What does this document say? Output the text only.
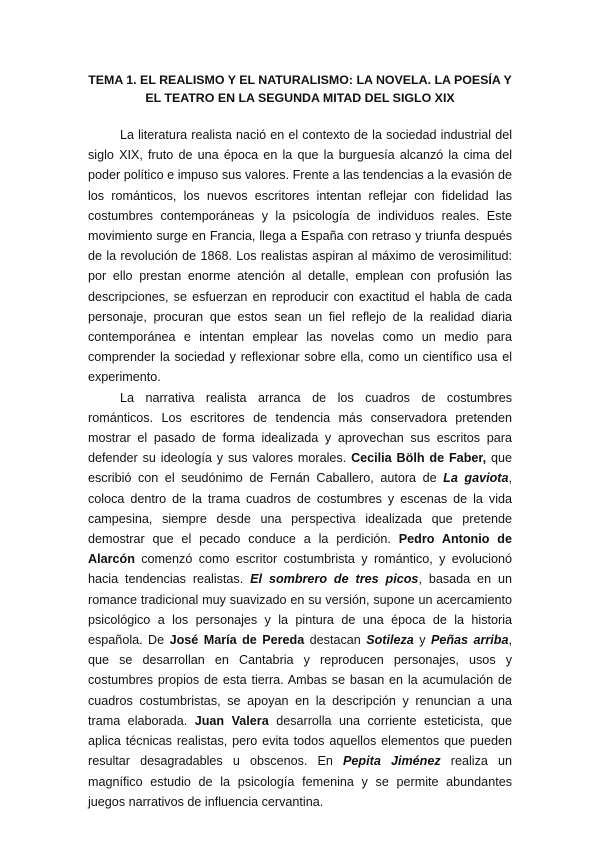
TEMA 1. EL REALISMO Y EL NATURALISMO: LA NOVELA. LA POESÍA Y EL TEATRO EN LA SEGUNDA MITAD DEL SIGLO XIX

La literatura realista nació en el contexto de la sociedad industrial del siglo XIX, fruto de una época en la que la burguesía alcanzó la cima del poder político e impuso sus valores. Frente a las tendencias a la evasión de los románticos, los nuevos escritores intentan reflejar con fidelidad las costumbres contemporáneas y la psicología de individuos reales. Este movimiento surge en Francia, llega a España con retraso y triunfa después de la revolución de 1868. Los realistas aspiran al máximo de verosimilitud: por ello prestan enorme atención al detalle, emplean con profusión las descripciones, se esfuerzan en reproducir con exactitud el habla de cada personaje, procuran que estos sean un fiel reflejo de la realidad diaria contemporánea e intentan emplear las novelas como un medio para comprender la sociedad y reflexionar sobre ella, como un científico usa el experimento.

La narrativa realista arranca de los cuadros de costumbres románticos. Los escritores de tendencia más conservadora pretenden mostrar el pasado de forma idealizada y aprovechan sus escritos para defender su ideología y sus valores morales. Cecilia Bölh de Faber, que escribió con el seudónimo de Fernán Caballero, autora de La gaviota, coloca dentro de la trama cuadros de costumbres y escenas de la vida campesina, siempre desde una perspectiva idealizada que pretende demostrar que el pecado conduce a la perdición. Pedro Antonio de Alarcón comenzó como escritor costumbrista y romántico, y evolucionó hacia tendencias realistas. El sombrero de tres picos, basada en un romance tradicional muy suavizado en su versión, supone un acercamiento psicológico a los personajes y la pintura de una época de la historia española. De José María de Pereda destacan Sotileza y Peñas arriba, que se desarrollan en Cantabria y reproducen personajes, usos y costumbres propios de esta tierra. Ambas se basan en la acumulación de cuadros costumbristas, se apoyan en la descripción y renuncian a una trama elaborada. Juan Valera desarrolla una corriente esteticista, que aplica técnicas realistas, pero evita todos aquellos elementos que pueden resultar desagradables u obscenos. En Pepita Jiménez realiza un magnífico estudio de la psicología femenina y se permite abundantes juegos narrativos de influencia cervantina.
